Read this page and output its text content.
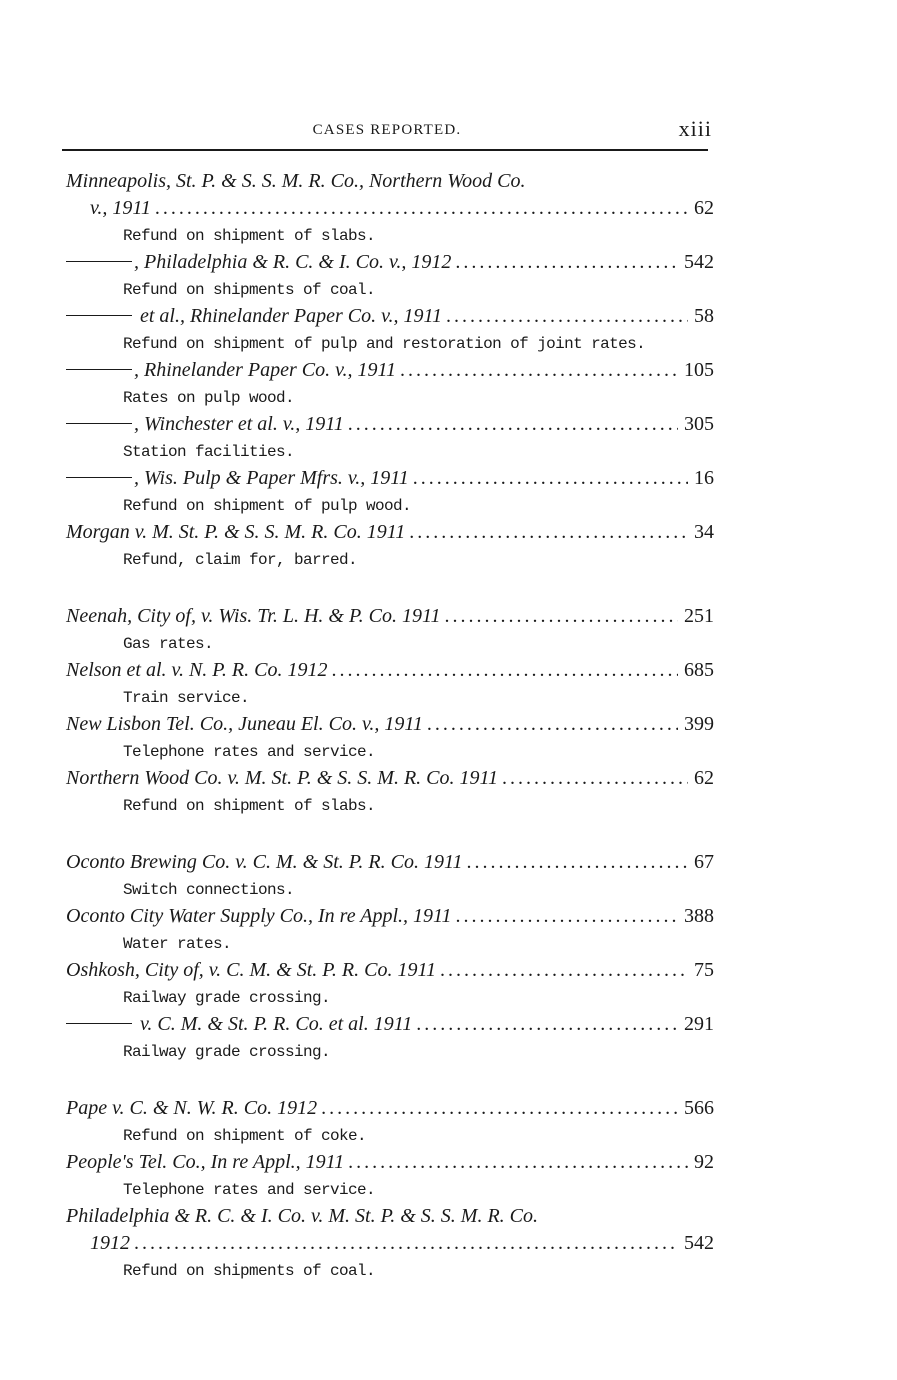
CASES REPORTED.	xiii
Minneapolis, St. P. & S. S. M. R. Co., Northern Wood Co.
v., 1911 . . .	62
Refund on shipment of slabs.
, Philadelphia & R. C. & I. Co. v., 1912 . . .	542
Refund on shipments of coal.
et al., Rhinelander Paper Co. v., 1911 . . .	58
Refund on shipment of pulp and restoration of joint rates.
, Rhinelander Paper Co. v., 1911 . . .	105
Rates on pulp wood.
, Winchester et al. v., 1911 . . .	305
Station facilities.
, Wis. Pulp & Paper Mfrs. v., 1911 . . .	16
Refund on shipment of pulp wood.
Morgan v. M. St. P. & S. S. M. R. Co. 1911 . . .	34
Refund, claim for, barred.
Neenah, City of, v. Wis. Tr. L. H. & P. Co. 1911 . . .	251
Gas rates.
Nelson et al. v. N. P. R. Co. 1912 . . .	685
Train service.
New Lisbon Tel. Co., Juneau El. Co. v., 1911 . . .	399
Telephone rates and service.
Northern Wood Co. v. M. St. P. & S. S. M. R. Co. 1911 . . .	62
Refund on shipment of slabs.
Oconto Brewing Co. v. C. M. & St. P. R. Co. 1911 . . .	67
Switch connections.
Oconto City Water Supply Co., In re Appl., 1911 . . .	388
Water rates.
Oshkosh, City of, v. C. M. & St. P. R. Co. 1911 . . .	75
Railway grade crossing.
v. C. M. & St. P. R. Co. et al. 1911 . . .	291
Railway grade crossing.
Pape v. C. & N. W. R. Co. 1912 . . .	566
Refund on shipment of coke.
People's Tel. Co., In re Appl., 1911 . . .	92
Telephone rates and service.
Philadelphia & R. C. & I. Co. v. M. St. P. & S. S. M. R. Co.
1912 . . .	542
Refund on shipments of coal.
